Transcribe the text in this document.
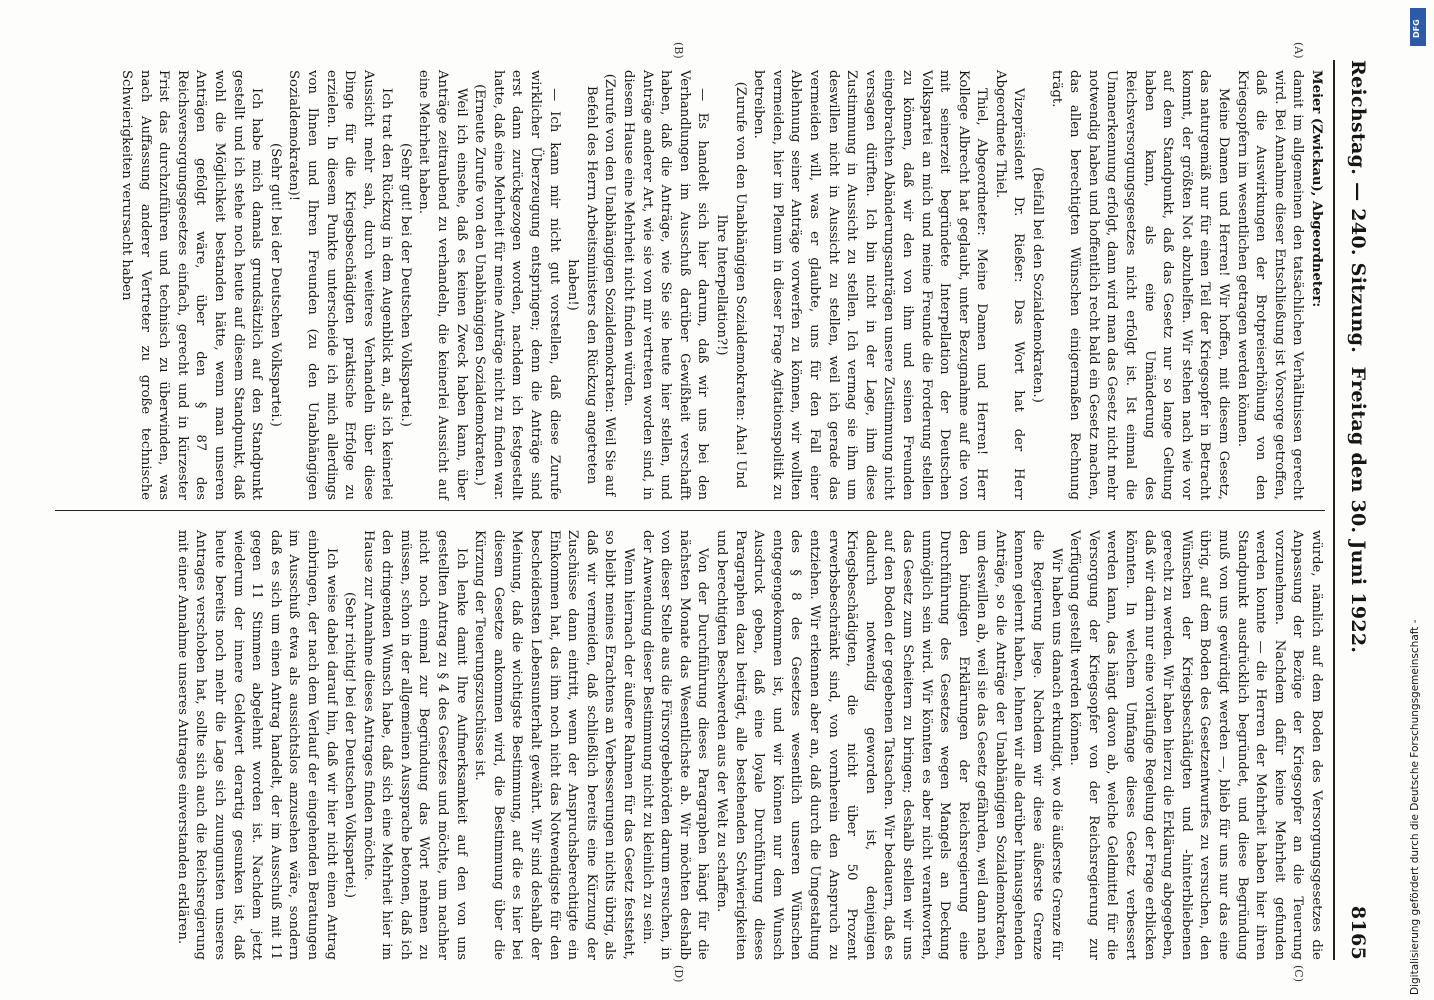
Reichstag. — 240. Sitzung.
Freitag den 30. Juni 1922.
8165
(A)
(B)
(C)
(D)

Meier (Zwickau), Abgeordneter:

damit im allgemeinen den tatsächlichen Verhältnissen gerecht wird. Bei Annahme dieser Entschließung ist Vorsorge getroffen, daß die Auswirkungen der Brotpreiserhöhung von den Kriegsopfern im wesentlichen getragen werden können.

Meine Damen und Herren! Wir hoffen, mit diesem Gesetz, das naturgemäß nur für einen Teil der Kriegsopfer in Betracht kommt, der größten Not abzuhelfen. Wir stehen nach wie vor auf dem Standpunkt, daß das Gesetz nur so lange Geltung haben kann, als eine Umänderung des Reichsversorgungsgesetzes nicht erfolgt ist. Ist einmal die Umanerkennung erfolgt, dann wird man das Gesetz nicht mehr notwendig haben und hoffentlich recht bald ein Gesetz machen, das allen berechtigten Wünschen einigermaßen Rechnung trägt.

(Beifall bei den Sozialdemokraten.)

Vizepräsident Dr. Rießer: Das Wort hat der Herr Abgeordnete Thiel.

Thiel, Abgeordneter: Meine Damen und Herren! Herr Kollege Albrecht hat geglaubt, unter Bezugnahme auf die von mit seinerzeit begründete Interpellation der Deutschen Volkspartei an mich und meine Freunde die Forderung stellen zu können, daß wir den von ihm und seinen Freunden eingebrachten Abänderungsanträgen unsere Zustimmung nicht versagen dürften. Ich bin nicht in der Lage, ihm diese Zustimmung in Aussicht zu stellen. Ich vermag sie ihm um deswillen nicht in Aussicht zu stellen, weil ich gerade das vermeiden will, was er glaubte, uns für den Fall einer Ablehnung seiner Anträge vorwerfen zu können, wir wollten vermeiden, hier im Plenum in dieser Frage Agitationspolitik zu betreiben.

(Zurufe von den Unabhängigen Sozialdemokraten: Aha! Und Ihre Interpellation?!)

— Es handelt sich hier darum, daß wir uns bei den Verhandlungen im Ausschuß darüber Gewißheit verschafft haben, daß die Anträge, wie Sie sie heute hier stellen, und Anträge anderer Art, wie sie von mir vertreten worden sind, in diesem Hause eine Mehrheit nicht finden würden.

(Zurufe von den Unabhängigen Sozialdemokraten: Weil Sie auf Befehl des Herrn Arbeitsministers den Rückzug angetreten haben!)

— Ich kann mir nicht gut vorstellen, daß diese Zurufe wirklicher Überzeugung entspringen; denn die Anträge sind erst dann zurückgezogen worden, nachdem ich festgestellt hatte, daß eine Mehrheit für meine Anträge nicht zu finden war.

(Erneute Zurufe von den Unabhängigen Sozialdemokraten.)

Weil ich einsehe, daß es keinen Zweck haben kann, über Anträge zeitraubend zu verhandeln, die keinerlei Aussicht auf eine Mehrheit haben.

(Sehr gut! bei der Deutschen Volkspartei.)

Ich trat den Rückzug in dem Augenblick an, als ich keinerlei Aussicht mehr sah, durch weiteres Verhandeln über diese Dinge für die Kriegsbeschädigten praktische Erfolge zu erzielen. In diesem Punkte unterscheide ich mich allerdings von Ihnen und Ihren Freunden (zu den Unabhängigen Sozialdemokraten)!

(Sehr gut! bei der Deutschen Volkspartei.)

Ich habe mich damals grundsätzlich auf den Standpunkt gestellt und ich stehe noch heute auf diesem Standpunkt, daß wohl die Möglichkeit bestanden hätte, wenn man unseren Anträgen gefolgt wäre, über den § 87 des Reichsversorgungsgesetzes einfach, gerecht und in kürzester Frist das durchzuführen und technisch zu überwinden, was nach Auffassung anderer Vertreter zu große technische Schwierigkeiten verursacht haben

würde, nämlich auf dem Boden des Versorgungsgesetzes die Anpassung der Bezüge der Kriegsopfer an die Teuerung vorzunehmen. Nachdem dafür keine Mehrheit gefunden werden konnte — die Herren der Mehrheit haben hier ihren Standpunkt ausdrücklich begründet, und diese Begründung muß von uns gewürdigt werden —, blieb für uns nur das eine übrig, auf dem Boden des Gesetzentwurfes zu versuchen, den Wünschen der Kriegsbeschädigten und -hinterbliebenen gerecht zu werden. Wir haben hierzu die Erklärung abgegeben, daß wir darin nur eine vorläufige Regelung der Frage erblicken könnten. In welchem Umfange dieses Gesetz verbessert werden kann, das hängt davon ab, welche Geldmittel für die Versorgung der Kriegsopfer von der Reichsregierung zur Verfügung gestellt werden können.

Wir haben uns danach erkundigt, wo die äußerste Grenze für die Regierung liege. Nachdem wir diese äußerste Grenze kennen gelernt haben, lehnen wir alle darüber hinausgehenden Anträge, so die Anträge der Unabhängigen Sozialdemokraten, um deswillen ab, weil sie das Gesetz gefährden, weil dann nach den bündigen Erklärungen der Reichsregierung eine Durchführung des Gesetzes wegen Mangels an Deckung unmöglich sein wird. Wir könnten es aber nicht verantworten, das Gesetz zum Scheitern zu bringen; deshalb stellen wir uns auf den Boden der gegebenen Tatsachen. Wir bedauern, daß es dadurch notwendig geworden ist, denjenigen Kriegsbeschädigten, die nicht über 50 Prozent erwerbsbeschränkt sind, von vornherein den Anspruch zu entziehen. Wir erkennen aber an, daß durch die Umgestaltung des § 8 des Gesetzes wesentlich unseren Wünschen entgegengekommen ist, und wir können nur dem Wunsch Ausdruck geben, daß eine loyale Durchführung dieses Paragraphen dazu beiträgt, alle bestehenden Schwierigkeiten und berechtigten Beschwerden aus der Welt zu schaffen.

Von der Durchführung dieses Paragraphen hängt für die nächsten Monate das Wesentlichste ab. Wir möchten deshalb von dieser Stelle aus die Fürsorgebehörden darum ersuchen, in der Anwendung dieser Bestimmung nicht zu kleinlich zu sein.

Wenn hiernach der äußere Rahmen für das Gesetz feststeht, so bleibt meines Erachtens an Verbesserungen nichts übrig, als daß wir vermeiden, daß schließlich bereits eine Kürzung der Zuschüsse dann eintritt, wenn der Anspruchsberechtigte ein Einkommen hat, das ihm noch nicht das Notwendigste für den bescheidensten Lebensunterhalt gewährt. Wir sind deshalb der Meinung, daß die wichtigste Bestimmung, auf die es hier bei diesem Gesetze ankommen wird, die Bestimmung über die Kürzung der Teuerungszuschüsse ist.

Ich lenke damit Ihre Aufmerksamkeit auf den von uns gestellten Antrag zu § 4 des Gesetzes und möchte, um nachher nicht noch einmal zur Begründung das Wort nehmen zu müssen, schon in der allgemeinen Aussprache betonen, daß ich den dringenden Wunsch habe, daß sich eine Mehrheit hier im Hause zur Annahme dieses Antrages finden möchte.

(Sehr richtig! bei der Deutschen Volkspartei.)

Ich weise dabei darauf hin, daß wir hier nicht einen Antrag einbringen, der nach dem Verlauf der eingehenden Beratungen im Ausschuß etwa als aussichtslos anzusehen wäre, sondern daß es sich um einen Antrag handelt, der im Ausschuß mit 11 gegen 11 Stimmen abgelehnt worden ist. Nachdem jetzt wiederum der innere Geldwert derartig gesunken ist, daß heute bereits noch mehr die Lage sich zuungunsten unseres Antrages verschoben hat, sollte sich auch die Reichsregierung mit einer Annahme unseres Antrages einverstanden erklären.

DFG
Digitalisierung gefördert durch die Deutsche Forschungsgemeinschaft -
